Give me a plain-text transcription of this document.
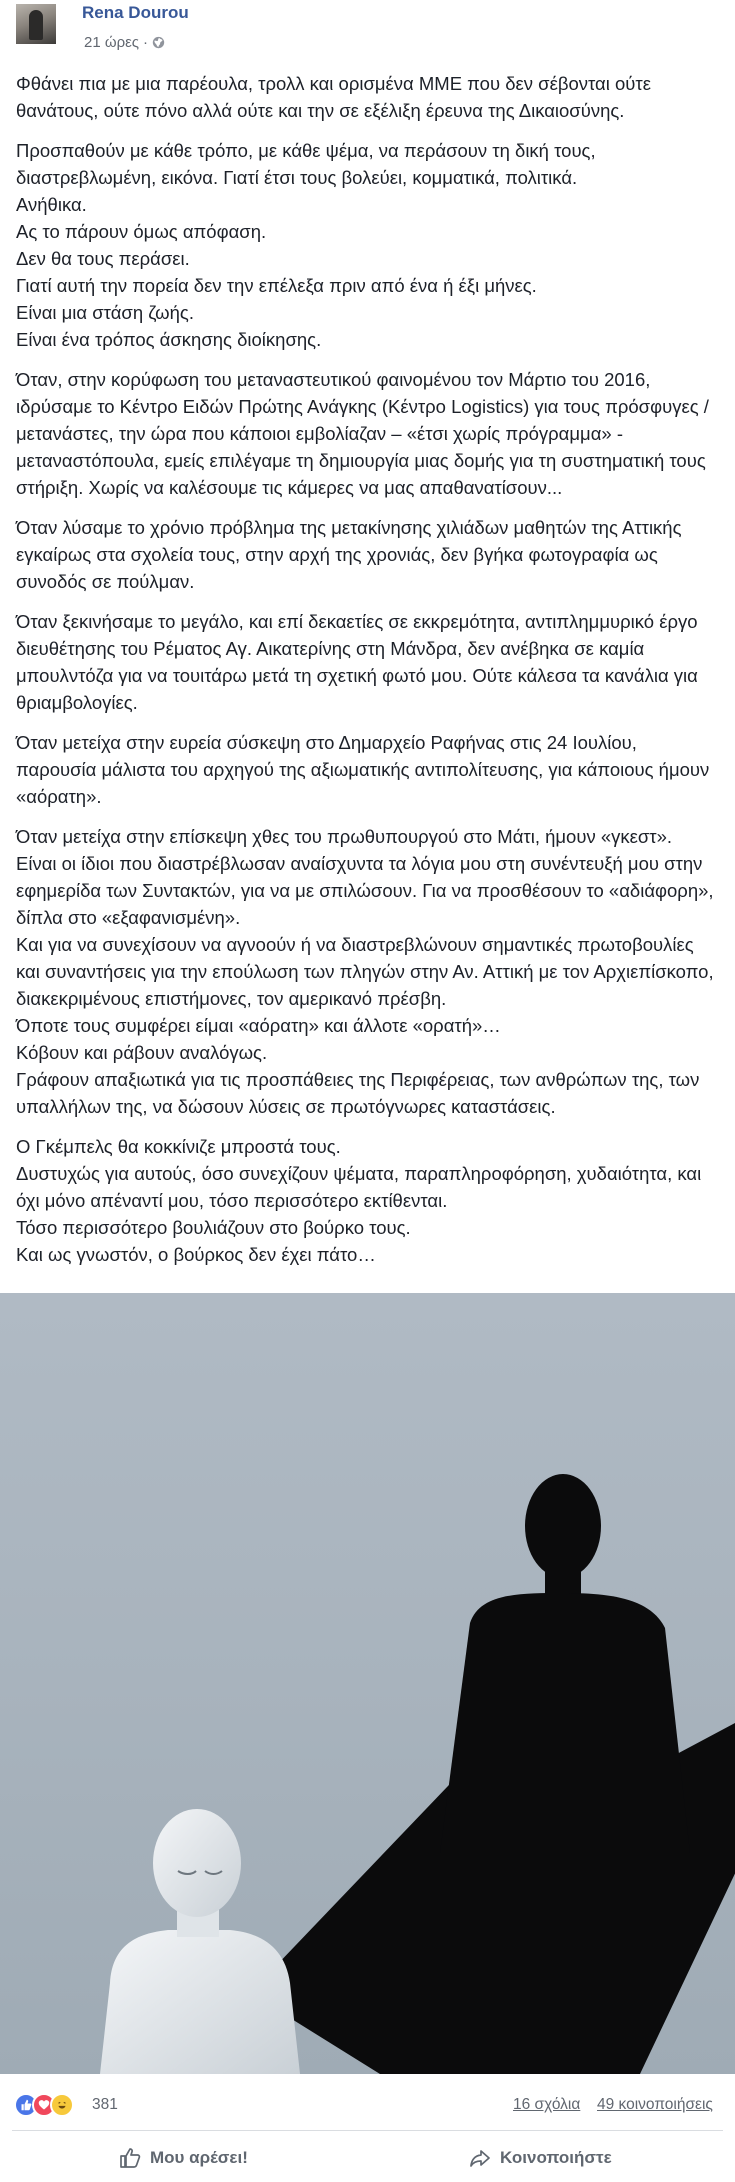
Rena Dourou
21 ώρες ·

Φθάνει πια με μια παρέουλα, τρολλ και ορισμένα ΜΜΕ που δεν σέβονται ούτε θανάτους, ούτε πόνο αλλά ούτε και την σε εξέλιξη έρευνα της Δικαιοσύνης.

Προσπαθούν με κάθε τρόπο, με κάθε ψέμα, να περάσουν τη δική τους, διαστρεβλωμένη, εικόνα. Γιατί έτσι τους βολεύει, κομματικά, πολιτικά.
Ανήθικα.
Ας το πάρουν όμως απόφαση.
Δεν θα τους περάσει.
Γιατί αυτή την πορεία δεν την επέλεξα πριν από ένα ή έξι μήνες.
Είναι μια στάση ζωής.
Είναι ένα τρόπος άσκησης διοίκησης.

Όταν, στην κορύφωση του μεταναστευτικού φαινομένου τον Μάρτιο του 2016, ιδρύσαμε το Κέντρο Ειδών Πρώτης Ανάγκης (Κέντρο Logistics) για τους πρόσφυγες / μετανάστες, την ώρα που κάποιοι εμβολίαζαν – «έτσι χωρίς πρόγραμμα» - μεταναστόπουλα, εμείς επιλέγαμε τη δημιουργία μιας δομής για τη συστηματική τους στήριξη. Χωρίς να καλέσουμε τις κάμερες να μας απαθανατίσουν...

Όταν λύσαμε το χρόνιο πρόβλημα της μετακίνησης χιλιάδων μαθητών της Αττικής εγκαίρως στα σχολεία τους, στην αρχή της χρονιάς, δεν βγήκα φωτογραφία ως συνοδός σε πούλμαν.

Όταν ξεκινήσαμε το μεγάλο, και επί δεκαετίες σε εκκρεμότητα, αντιπλημμυρικό έργο διευθέτησης του Ρέματος Αγ. Αικατερίνης στη Μάνδρα, δεν ανέβηκα σε καμία μπουλντόζα για να τουιτάρω μετά τη σχετική φωτό μου. Ούτε κάλεσα τα κανάλια για θριαμβολογίες.

Όταν μετείχα στην ευρεία σύσκεψη στο Δημαρχείο Ραφήνας στις 24 Ιουλίου, παρουσία μάλιστα του αρχηγού της αξιωματικής αντιπολίτευσης, για κάποιους ήμουν «αόρατη».

Όταν μετείχα στην επίσκεψη χθες του πρωθυπουργού στο Μάτι, ήμουν «γκεστ».
Είναι οι ίδιοι που διαστρέβλωσαν αναίσχυντα τα λόγια μου στη συνέντευξή μου στην εφημερίδα των Συντακτών, για να με σπιλώσουν. Για να προσθέσουν το «αδιάφορη», δίπλα στο «εξαφανισμένη».
Και για να συνεχίσουν να αγνοούν ή να διαστρεβλώνουν σημαντικές πρωτοβουλίες και συναντήσεις για την επούλωση των πληγών στην Αν. Αττική με τον Αρχιεπίσκοπο, διακεκριμένους επιστήμονες, τον αμερικανό πρέσβη.
Όποτε τους συμφέρει είμαι «αόρατη» και άλλοτε «ορατή»…
Κόβουν και ράβουν αναλόγως.
Γράφουν απαξιωτικά για τις προσπάθειες της Περιφέρειας, των ανθρώπων της, των υπαλλήλων της, να δώσουν λύσεις σε πρωτόγνωρες καταστάσεις.

Ο Γκέμπελς θα κοκκίνιζε μπροστά τους.
Δυστυχώς για αυτούς, όσο συνεχίζουν ψέματα, παραπληροφόρηση, χυδαιότητα, και όχι μόνο απέναντί μου, τόσο περισσότερο εκτίθενται.
Τόσο περισσότερο βουλιάζουν στο βούρκο τους.
Και ως γνωστόν, ο βούρκος δεν έχει πάτο…

381	16 σχόλια 49 κοινοποιήσεις
Μου αρέσει!	Κοινοποιήστε
